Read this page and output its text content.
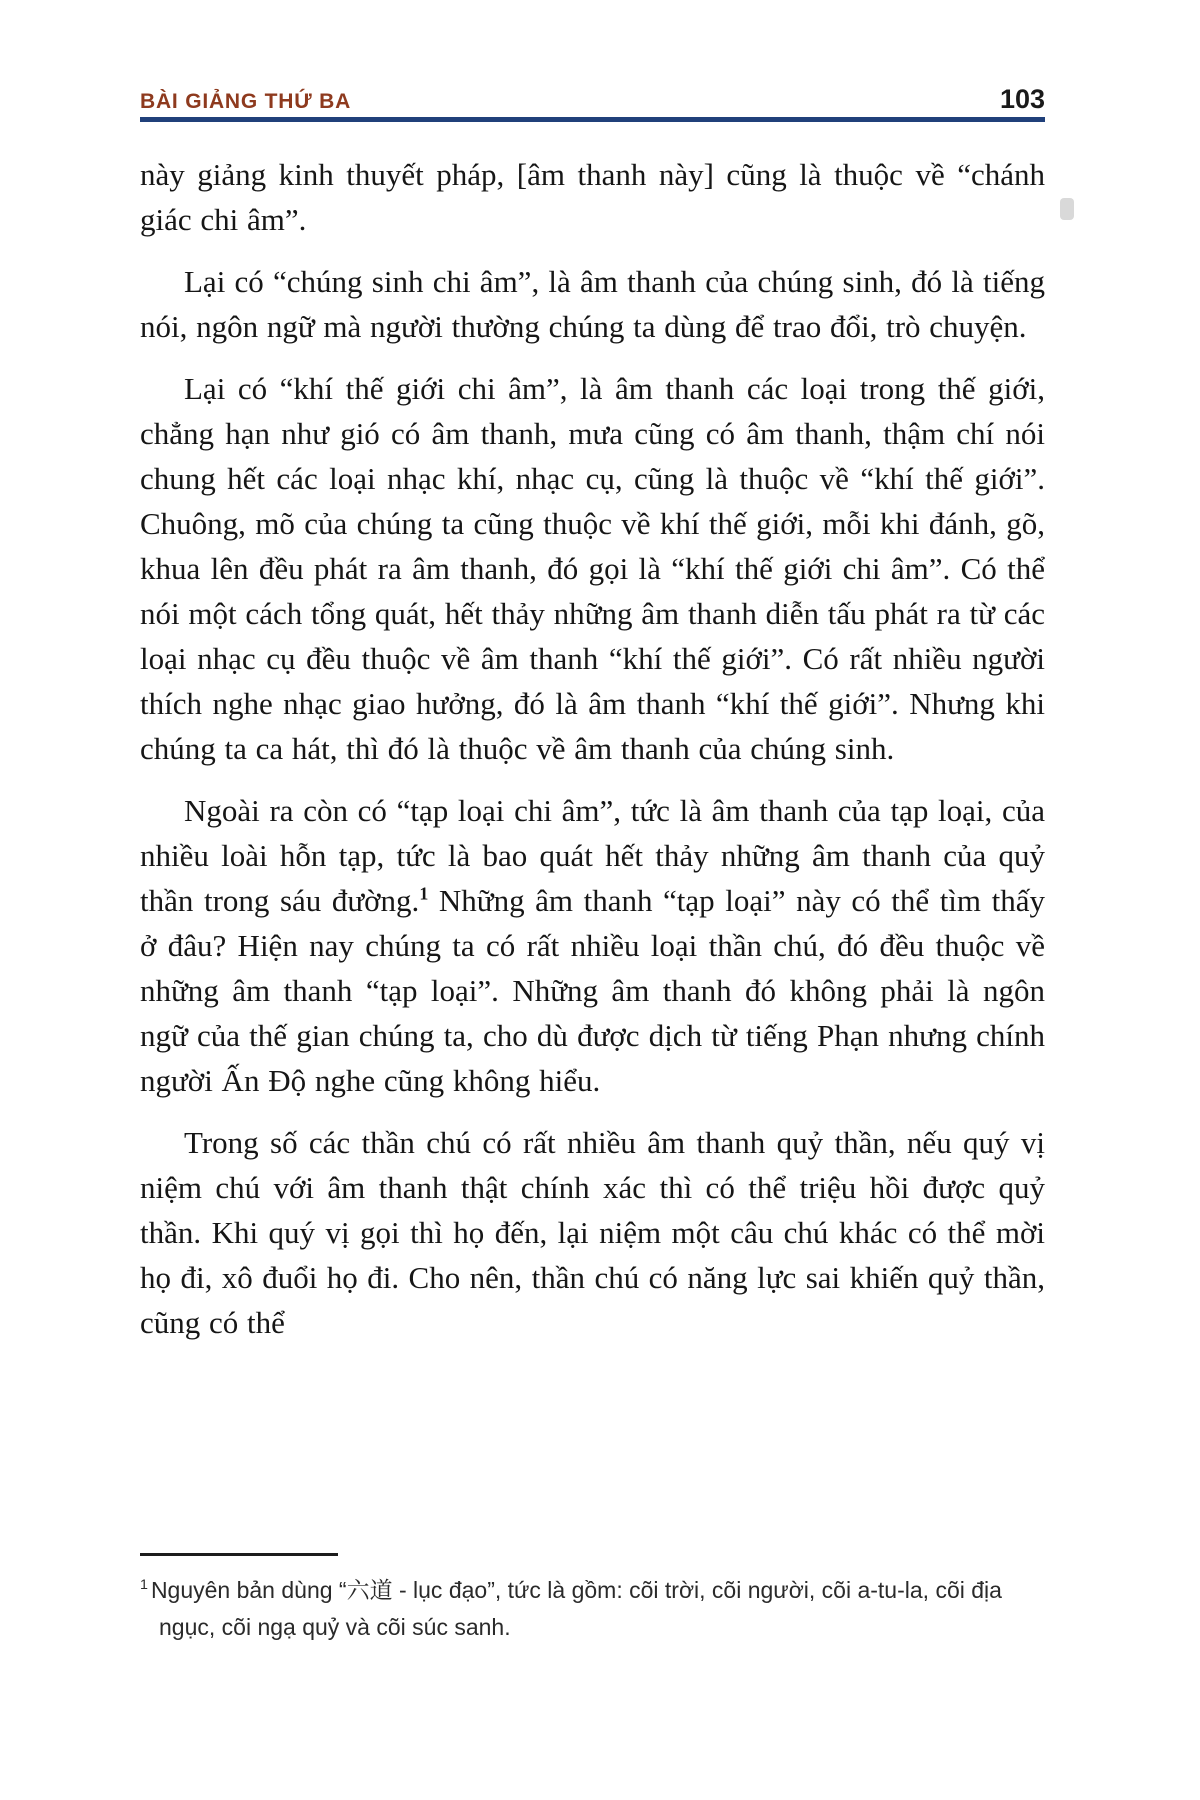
BÀI GIẢNG THỨ BA	103

này giảng kinh thuyết pháp, [âm thanh này] cũng là thuộc về “chánh giác chi âm”.

Lại có “chúng sinh chi âm”, là âm thanh của chúng sinh, đó là tiếng nói, ngôn ngữ mà người thường chúng ta dùng để trao đổi, trò chuyện.

Lại có “khí thế giới chi âm”, là âm thanh các loại trong thế giới, chẳng hạn như gió có âm thanh, mưa cũng có âm thanh, thậm chí nói chung hết các loại nhạc khí, nhạc cụ, cũng là thuộc về “khí thế giới”. Chuông, mõ của chúng ta cũng thuộc về khí thế giới, mỗi khi đánh, gõ, khua lên đều phát ra âm thanh, đó gọi là “khí thế giới chi âm”. Có thể nói một cách tổng quát, hết thảy những âm thanh diễn tấu phát ra từ các loại nhạc cụ đều thuộc về âm thanh “khí thế giới”. Có rất nhiều người thích nghe nhạc giao hưởng, đó là âm thanh “khí thế giới”. Nhưng khi chúng ta ca hát, thì đó là thuộc về âm thanh của chúng sinh.

Ngoài ra còn có “tạp loại chi âm”, tức là âm thanh của tạp loại, của nhiều loài hỗn tạp, tức là bao quát hết thảy những âm thanh của quỷ thần trong sáu đường.$^1$ Những âm thanh “tạp loại” này có thể tìm thấy ở đâu? Hiện nay chúng ta có rất nhiều loại thần chú, đó đều thuộc về những âm thanh “tạp loại”. Những âm thanh đó không phải là ngôn ngữ của thế gian chúng ta, cho dù được dịch từ tiếng Phạn nhưng chính người Ấn Độ nghe cũng không hiểu.

Trong số các thần chú có rất nhiều âm thanh quỷ thần, nếu quý vị niệm chú với âm thanh thật chính xác thì có thể triệu hồi được quỷ thần. Khi quý vị gọi thì họ đến, lại niệm một câu chú khác có thể mời họ đi, xô đuổi họ đi. Cho nên, thần chú có năng lực sai khiến quỷ thần, cũng có thể

$^1$ Nguyên bản dùng “六道 - lục đạo”, tức là gồm: cõi trời, cõi người, cõi a-tu-la, cõi địa ngục, cõi ngạ quỷ và cõi súc sanh.
